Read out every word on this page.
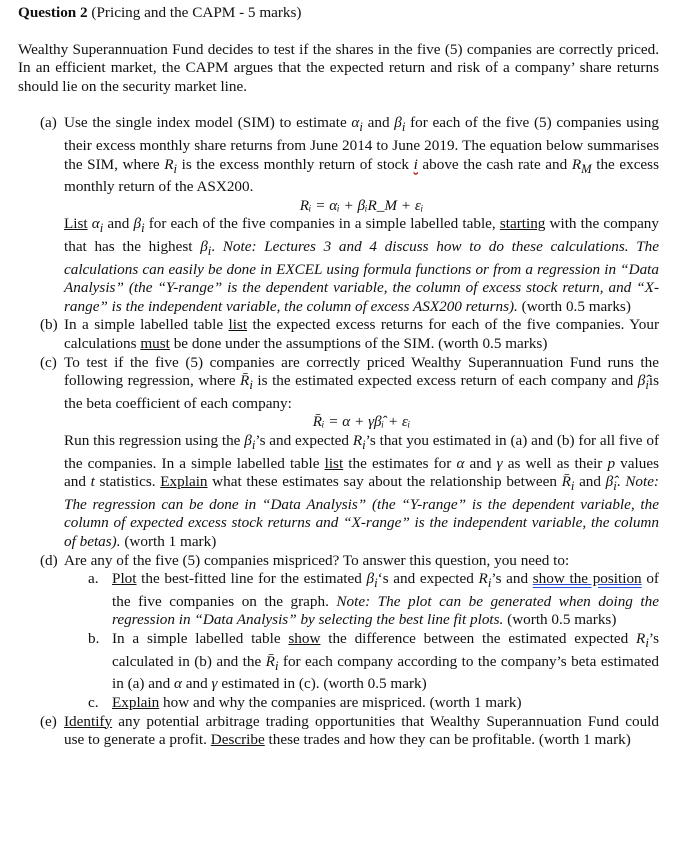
Question 2 (Pricing and the CAPM - 5 marks)
Wealthy Superannuation Fund decides to test if the shares in the five (5) companies are correctly priced. In an efficient market, the CAPM argues that the expected return and risk of a company’ share returns should lie on the security market line.
(a) Use the single index model (SIM) to estimate $\alpha_i$ and $\beta_i$ for each of the five (5) companies using their excess monthly share returns from June 2014 to June 2019. The equation below summarises the SIM, where $R_i$ is the excess monthly return of stock i above the cash rate and $R_M$ the excess monthly return of the ASX200.
Rᵢ = αᵢ + βᵢR_M + εᵢ
List $\alpha_i$ and $\beta_i$ for each of the five companies in a simple labelled table, starting with the company that has the highest $\beta_i$. Note: Lectures 3 and 4 discuss how to do these calculations. The calculations can easily be done in EXCEL using formula functions or from a regression in “Data Analysis” (the “Y-range” is the dependent variable, the column of excess stock return, and “X-range” is the independent variable, the column of excess ASX200 returns). (worth 0.5 marks)
(b) In a simple labelled table list the expected excess returns for each of the five companies. Your calculations must be done under the assumptions of the SIM. (worth 0.5 marks)
(c) To test if the five (5) companies are correctly priced Wealthy Superannuation Fund runs the following regression, where $R̄_i$ is the estimated expected excess return of each company and $\betâ_iis$ the beta coefficient of each company:
R̄ᵢ = α + γβ̂ᵢ + εᵢ
Run this regression using the $\beta_i’s$ and expected $R_i’s$ that you estimated in (a) and (b) for all five of the companies. In a simple labelled table list the estimates for α and γ as well as their p values and t statistics. Explain what these estimates say about the relationship between $R̄_i$ and $\betâ_i$. Note: The regression can be done in “Data Analysis” (the “Y-range” is the dependent variable, the column of expected excess stock returns and “X-range” is the independent variable, the column of betas). (worth 1 mark)
(d) Are any of the five (5) companies mispriced? To answer this question, you need to:
a. Plot the best-fitted line for the estimated $\beta_i‘s$ and expected $R_i’s$ and show the position of the five companies on the graph. Note: The plot can be generated when doing the regression in “Data Analysis” by selecting the best line fit plots. (worth 0.5 marks)
b. In a simple labelled table show the difference between the estimated expected $R_i’s$ calculated in (b) and the $R̄_i$ for each company according to the company’s beta estimated in (a) and α and γ estimated in (c). (worth 0.5 mark)
c. Explain how and why the companies are mispriced. (worth 1 mark)
(e) Identify any potential arbitrage trading opportunities that Wealthy Superannuation Fund could use to generate a profit. Describe these trades and how they can be profitable. (worth 1 mark)
